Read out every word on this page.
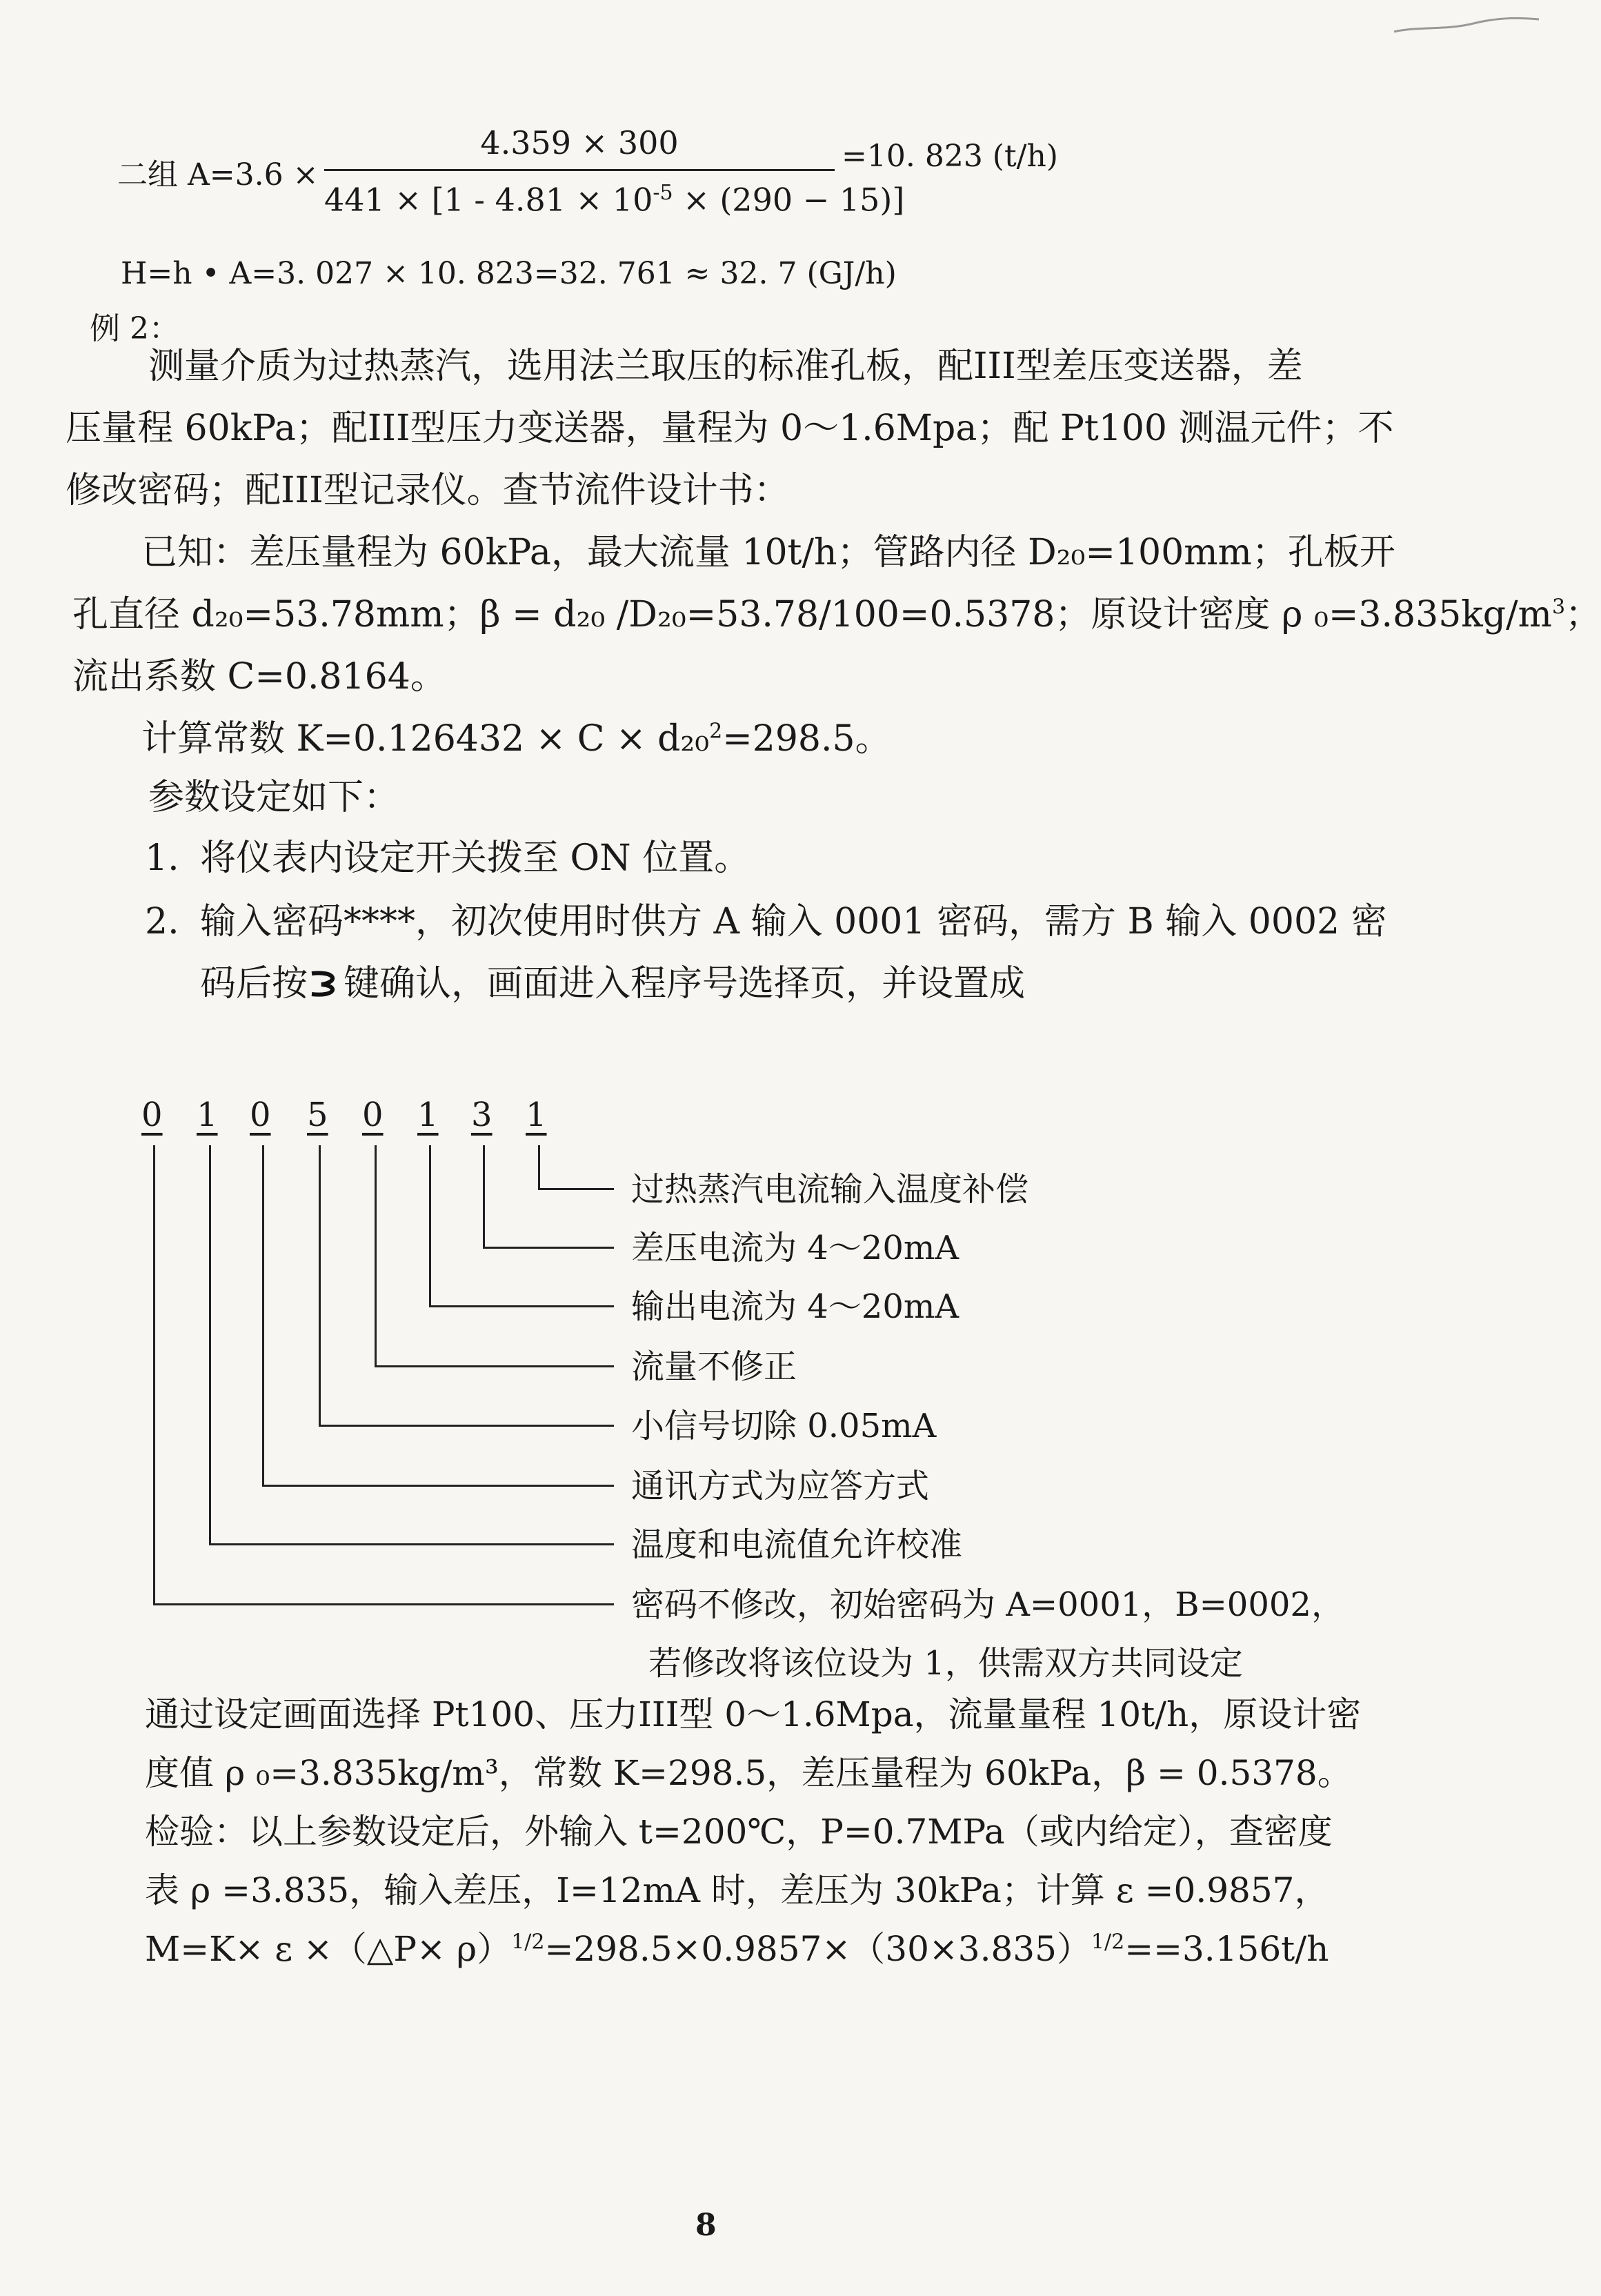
二组 A=3.6 ×
4.359 × 300
$441 \times [1 - 4.81 \times 10^{-5} \times (290 - 15)]$
=10. 823 (t/h)
H=h • A=3. 027 × 10. 823=32. 761 ≈ 32. 7 (GJ/h)
例 2：
测量介质为过热蒸汽，选用法兰取压的标准孔板，配III型差压变送器，差
压量程 60kPa；配III型压力变送器，量程为 0～1.6Mpa；配 Pt100 测温元件；不
修改密码；配III型记录仪。查节流件设计书：
已知：差压量程为 60kPa，最大流量 10t/h；管路内径 D₂₀=100mm；孔板开
孔直径 d₂₀=53.78mm；β = d₂₀ /D₂₀=53.78/100=0.5378；原设计密度 ρ $_0=3.835kg/m^3$；
流出系数 C=0.8164。
计算常数 K=0.126432 × C × d₂₀$^2$=298.5。
参数设定如下：
1. 将仪表内设定开关拨至 ON 位置。
2. 输入密码****，初次使用时供方 A 输入 0001 密码，需方 B 输入 0002 密
码后按 键确认，画面进入程序号选择页，并设置成
0 1 0 5 0 1 3 1
过热蒸汽电流输入温度补偿
差压电流为 4～20mA
输出电流为 4～20mA
流量不修正
小信号切除 0.05mA
通讯方式为应答方式
温度和电流值允许校准
密码不修改，初始密码为 A=0001，B=0002，
若修改将该位设为 1，供需双方共同设定
通过设定画面选择 Pt100、压力III型 0～1.6Mpa，流量量程 10t/h，原设计密
度值 ρ ₀=3.835kg/m³，常数 K=298.5，差压量程为 60kPa，β = 0.5378。
检验：以上参数设定后，外输入 t=200℃，P=0.7MPa（或内给定），查密度
表 ρ =3.835，输入差压，I=12mA 时，差压为 30kPa；计算 ε =0.9857，
M=K× ε ×（△P× $\rho)^{1/2}=298.5\times 0.9857\times(30\times 3.835)^{1/2}==3.156t/h$
8
